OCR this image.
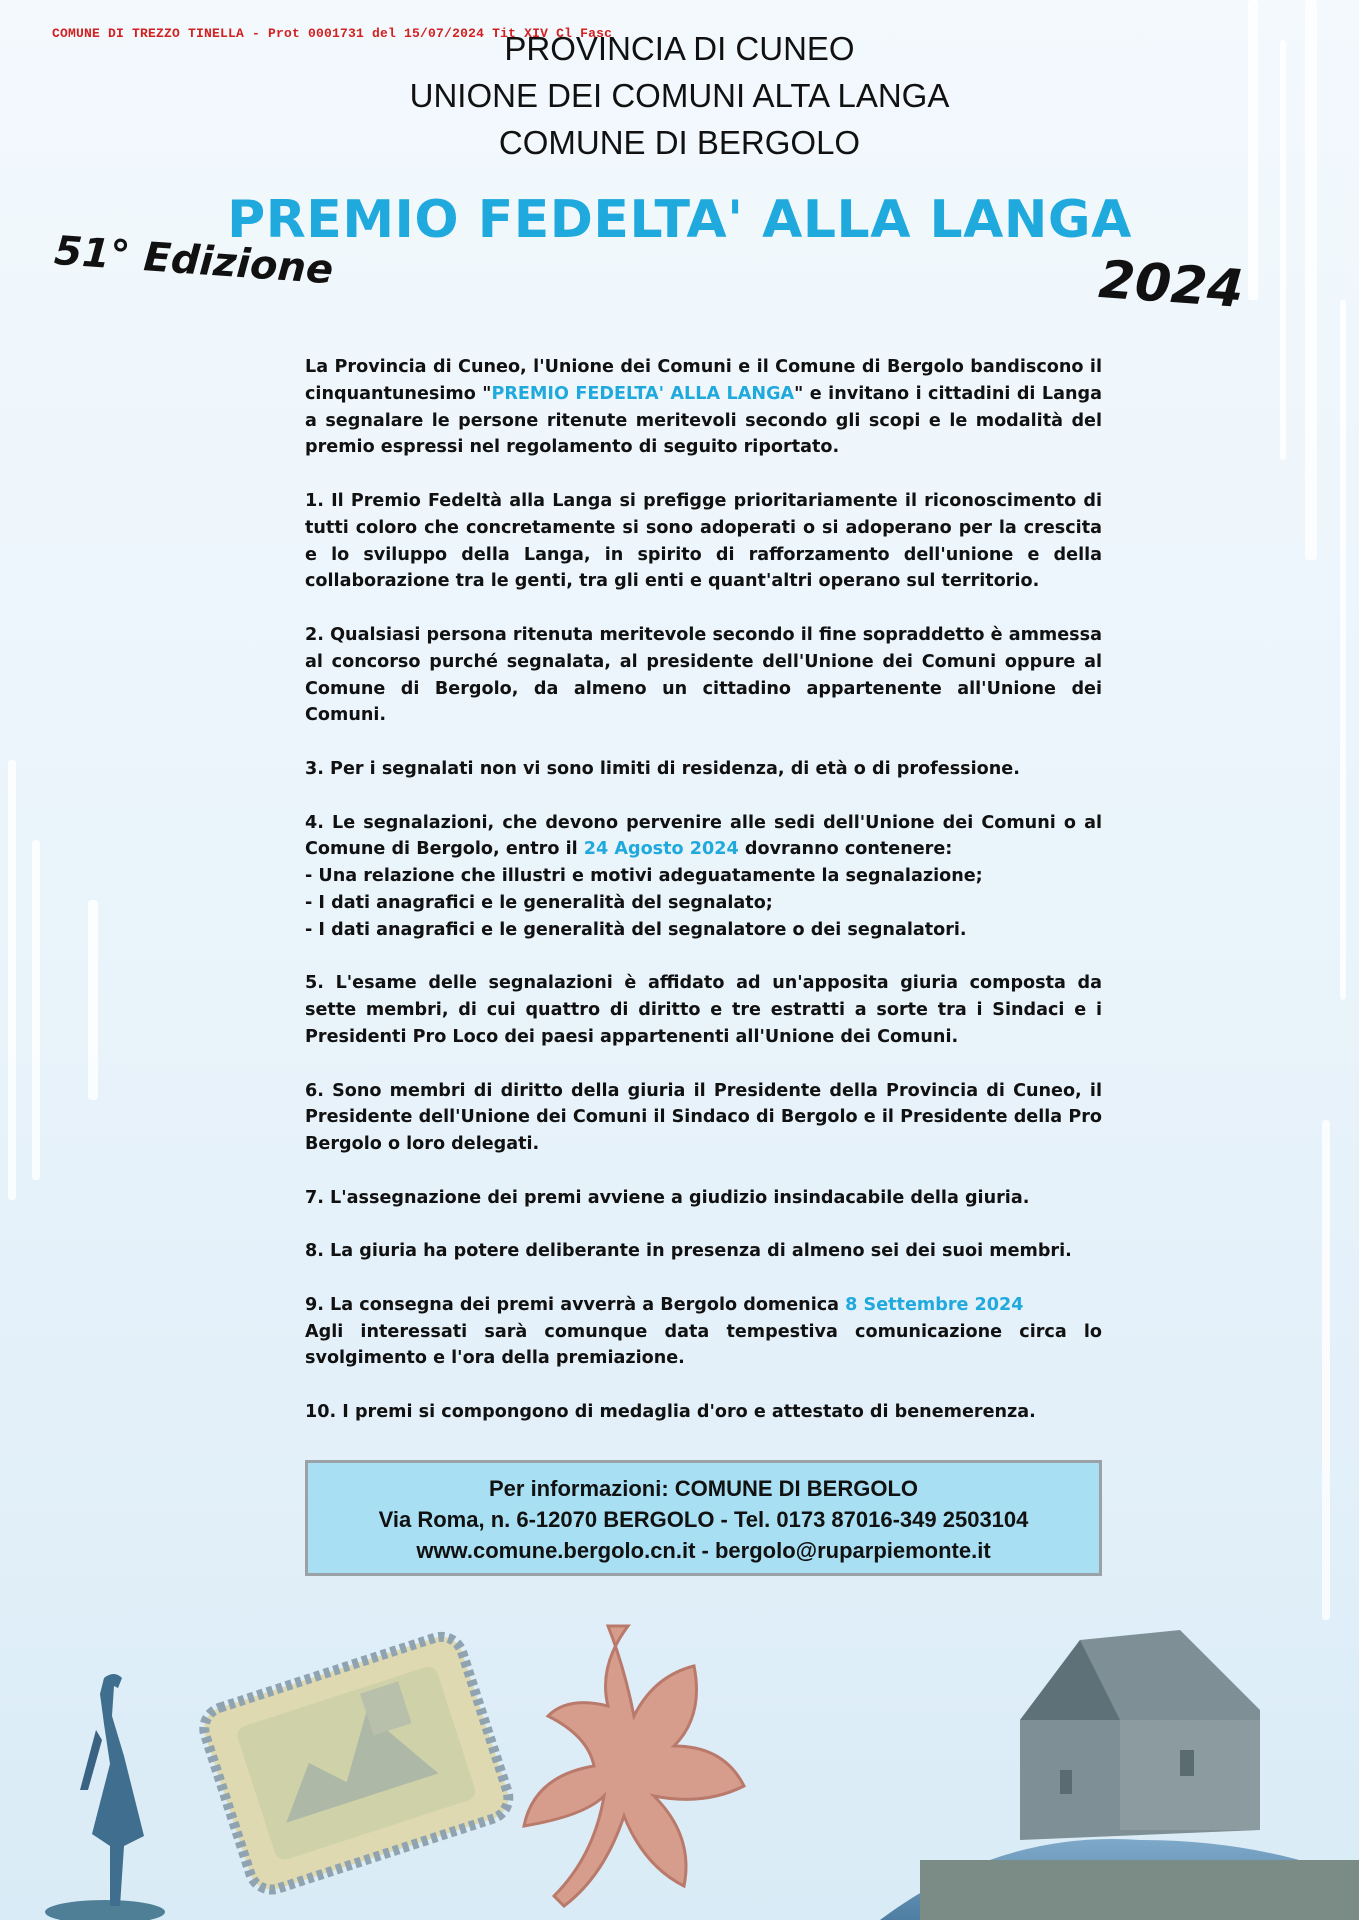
COMUNE DI TREZZO TINELLA - Prot 0001731 del 15/07/2024 Tit XIV Cl Fasc
PROVINCIA DI CUNEO
UNIONE DEI COMUNI ALTA LANGA
COMUNE DI BERGOLO
PREMIO FEDELTA' ALLA LANGA
51° Edizione	2024

La Provincia di Cuneo, l'Unione dei Comuni e il Comune di Bergolo bandiscono il cinquantunesimo "PREMIO FEDELTA' ALLA LANGA" e invitano i cittadini di Langa a segnalare le persone ritenute meritevoli secondo gli scopi e le modalità del premio espressi nel regolamento di seguito riportato.

1. Il Premio Fedeltà alla Langa si prefigge prioritariamente il riconoscimento di tutti coloro che concretamente si sono adoperati o si adoperano per la crescita e lo sviluppo della Langa, in spirito di rafforzamento dell'unione e della collaborazione tra le genti, tra gli enti e quant'altri operano sul territorio.

2. Qualsiasi persona ritenuta meritevole secondo il fine sopraddetto è ammessa al concorso purché segnalata, al presidente dell'Unione dei Comuni oppure al Comune di Bergolo, da almeno un cittadino appartenente all'Unione dei Comuni.

3. Per i segnalati non vi sono limiti di residenza, di età o di professione.

4. Le segnalazioni, che devono pervenire alle sedi dell'Unione dei Comuni o al Comune di Bergolo, entro il 24 Agosto 2024 dovranno contenere:
- Una relazione che illustri e motivi adeguatamente la segnalazione;
- I dati anagrafici e le generalità del segnalato;
- I dati anagrafici e le generalità del segnalatore o dei segnalatori.

5. L'esame delle segnalazioni è affidato ad un'apposita giuria composta da sette membri, di cui quattro di diritto e tre estratti a sorte tra i Sindaci e i Presidenti Pro Loco dei paesi appartenenti all'Unione dei Comuni.

6. Sono membri di diritto della giuria il Presidente della Provincia di Cuneo, il Presidente dell'Unione dei Comuni il Sindaco di Bergolo e il Presidente della Pro Bergolo o loro delegati.

7. L'assegnazione dei premi avviene a giudizio insindacabile della giuria.

8. La giuria ha potere deliberante in presenza di almeno sei dei suoi membri.

9. La consegna dei premi avverrà a Bergolo domenica 8 Settembre 2024
Agli interessati sarà comunque data tempestiva comunicazione circa lo svolgimento e l'ora della premiazione.

10. I premi si compongono di medaglia d'oro e attestato di benemerenza.

Per informazioni: COMUNE DI BERGOLO
Via Roma, n. 6-12070 BERGOLO - Tel. 0173 87016-349 2503104
www.comune.bergolo.cn.it - bergolo@ruparpiemonte.it
